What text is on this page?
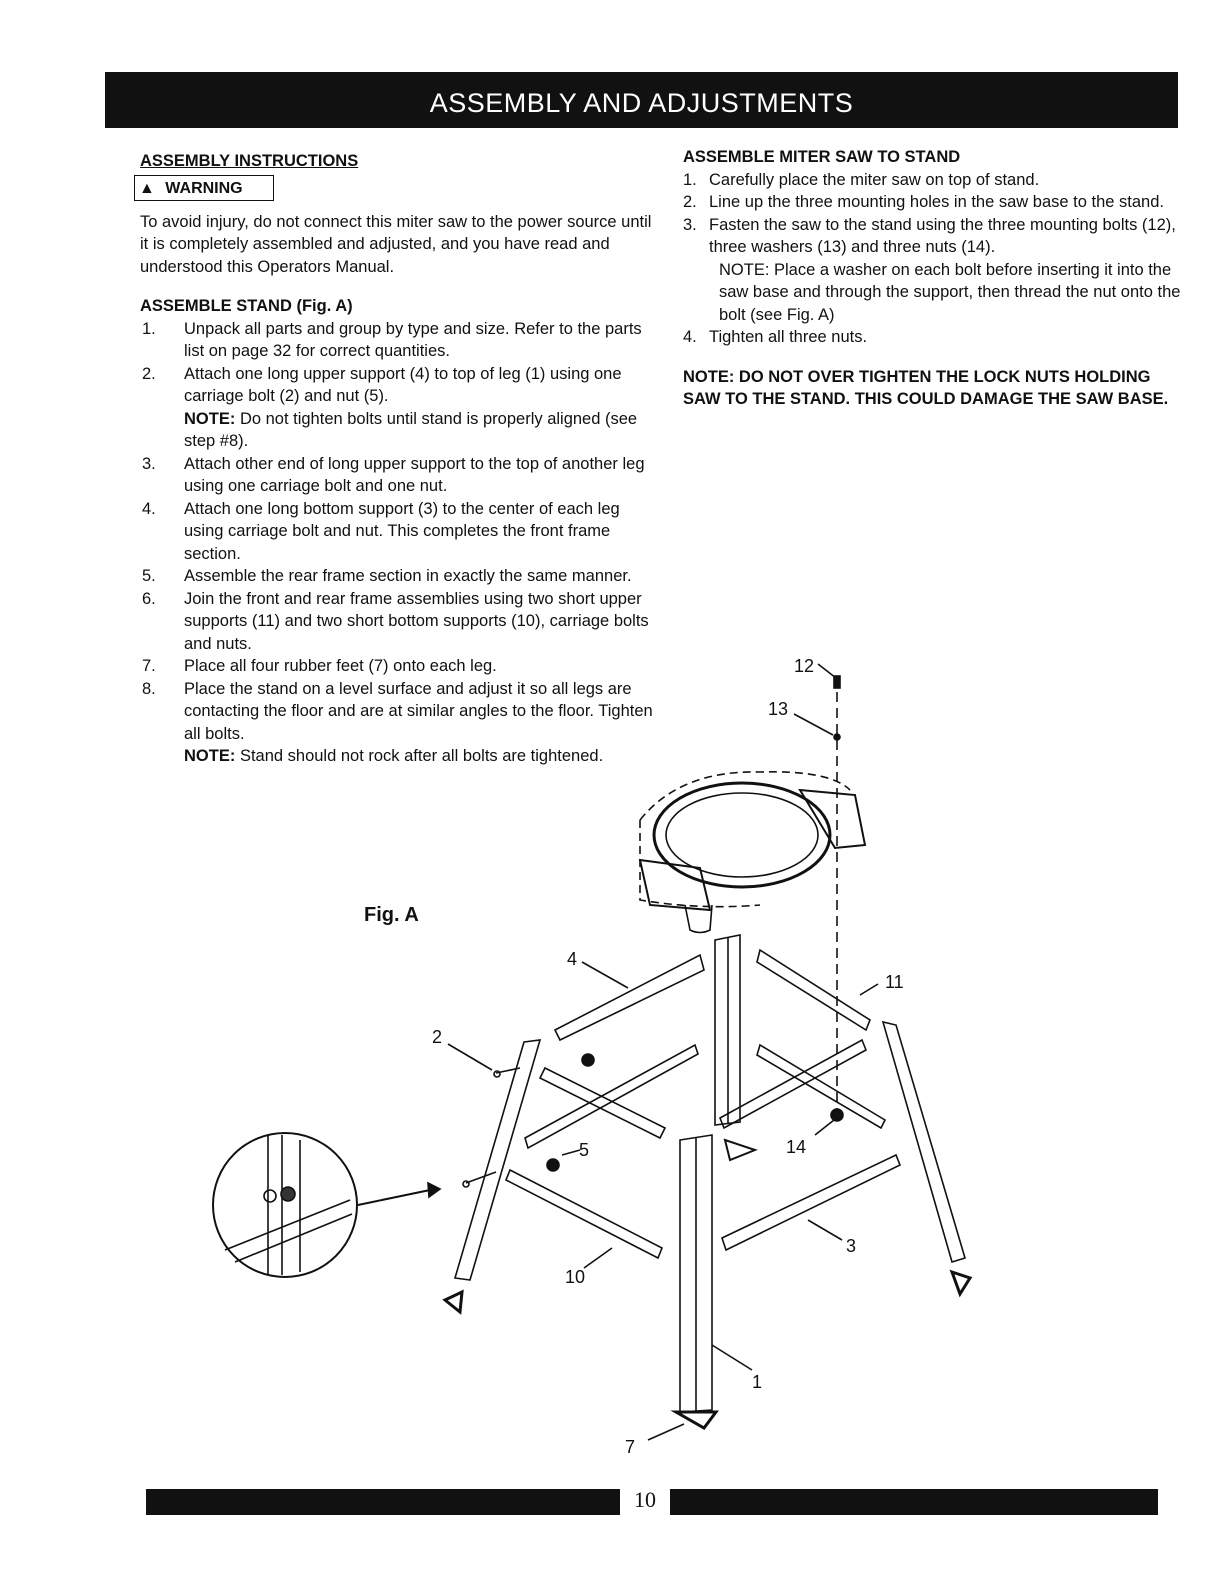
ASSEMBLY AND ADJUSTMENTS
ASSEMBLY INSTRUCTIONS
▲ WARNING

To avoid injury, do not connect this miter saw to the power source until it is completely assembled and adjusted, and you have read and understood this Operators Manual.

ASSEMBLE STAND (Fig. A)
1. Unpack all parts and group by type and size. Refer to the parts list on page 32 for correct quantities.
2. Attach one long upper support (4) to top of leg (1) using one carriage bolt (2) and nut (5).
NOTE: Do not tighten bolts until stand is properly aligned (see step #8).
3. Attach other end of long upper support to the top of another leg using one carriage bolt and one nut.
4. Attach one long bottom support (3) to the center of each leg using carriage bolt and nut. This completes the front frame section.
5. Assemble the rear frame section in exactly the same manner.
6. Join the front and rear frame assemblies using two short upper supports (11) and two short bottom supports (10), carriage bolts and nuts.
7. Place all four rubber feet (7) onto each leg.
8. Place the stand on a level surface and adjust it so all legs are contacting the floor and are at similar angles to the floor. Tighten all bolts.
NOTE: Stand should not rock after all bolts are tightened.
ASSEMBLE MITER SAW TO STAND
1. Carefully place the miter saw on top of stand.
2. Line up the three mounting holes in the saw base to the stand.
3. Fasten the saw to the stand using the three mounting bolts (12), three washers (13) and three nuts (14).

NOTE: Place a washer on each bolt before inserting it into the saw base and through the support, then thread the nut onto the bolt (see Fig. A)
4. Tighten all three nuts.
NOTE: DO NOT OVER TIGHTEN THE LOCK NUTS HOLDING SAW TO THE STAND. THIS COULD DAMAGE THE SAW BASE.
Fig. A
12
13
4
11
2
5	14
3
10
1
7
10
